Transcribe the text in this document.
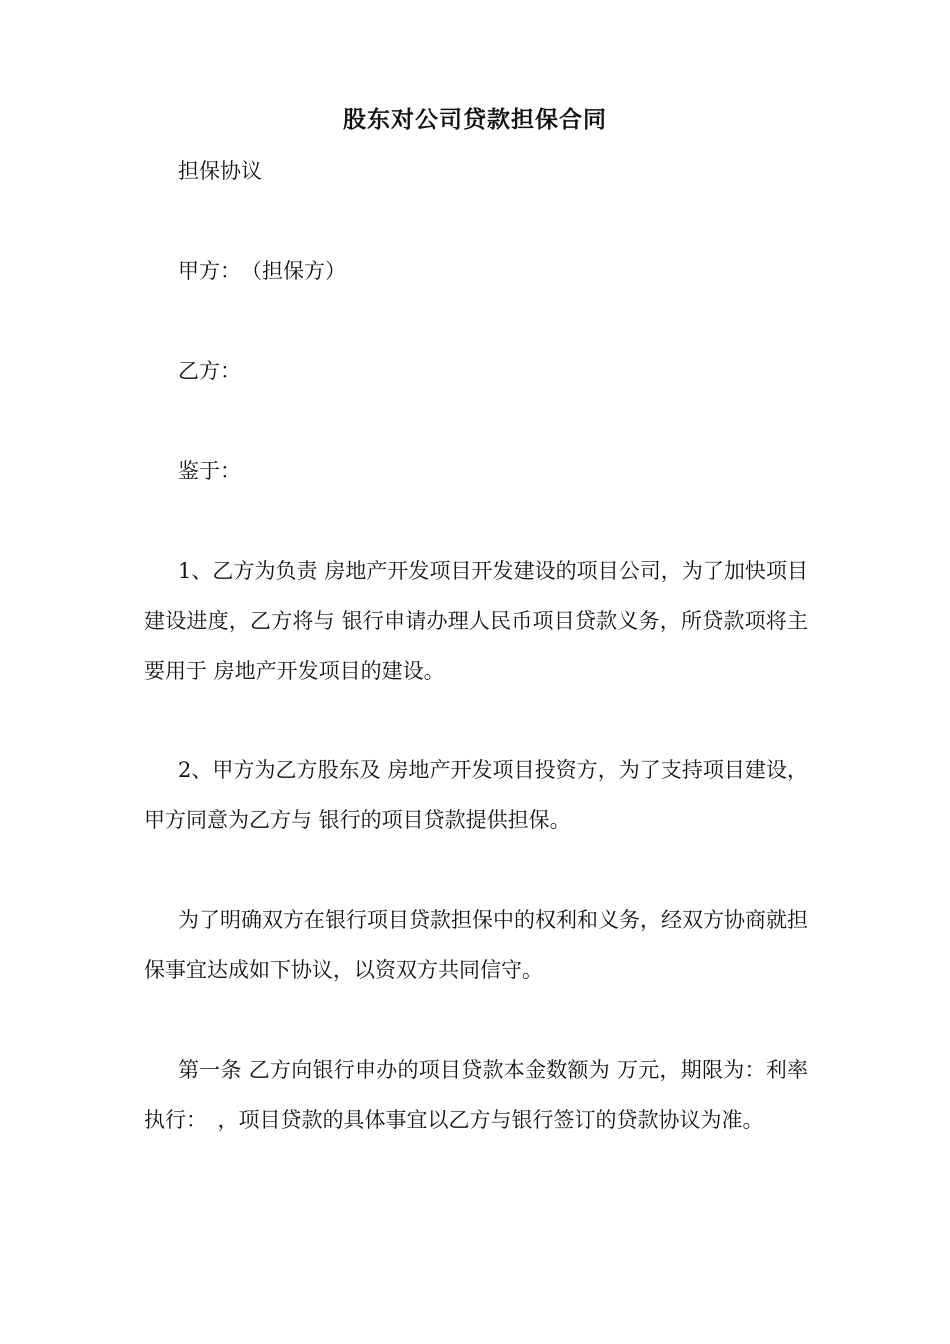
股东对公司贷款担保合同
担保协议
甲方：　（担保方）
乙方：
鉴于：
1、乙方为负责 房地产开发项目开发建设的项目公司，为了加快项目建设进度，乙方将与 银行申请办理人民币项目贷款义务，所贷款项将主要用于 房地产开发项目的建设。
2、甲方为乙方股东及 房地产开发项目投资方，为了支持项目建设，甲方同意为乙方与 银行的项目贷款提供担保。
为了明确双方在银行项目贷款担保中的权利和义务，经双方协商就担保事宜达成如下协议，以资双方共同信守。
第一条 乙方向银行申办的项目贷款本金数额为 万元，期限为：利率执行：　，项目贷款的具体事宜以乙方与银行签订的贷款协议为准。
